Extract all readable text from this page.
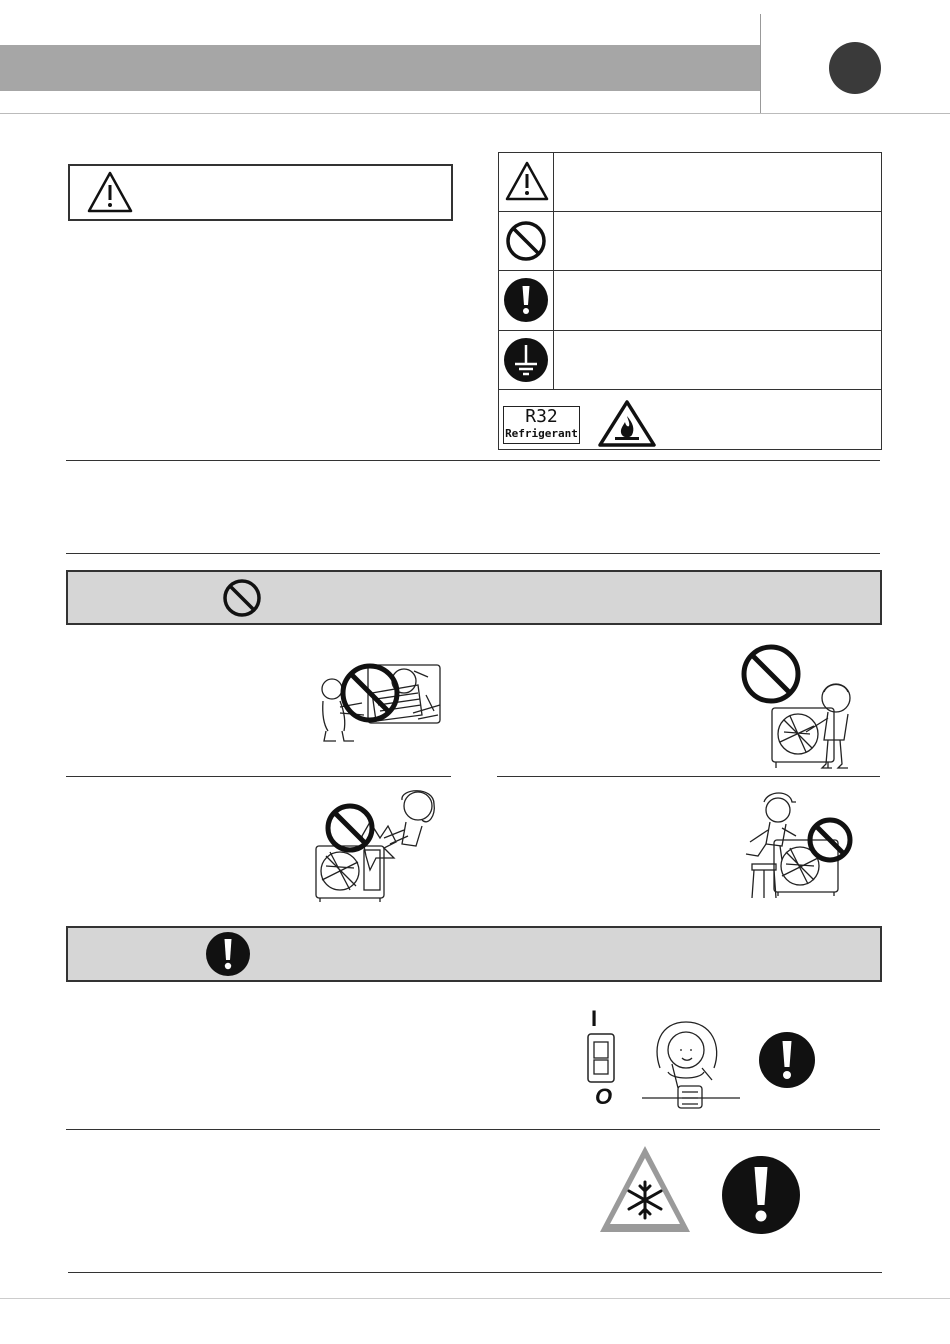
R32
Refrigerant
I
O
